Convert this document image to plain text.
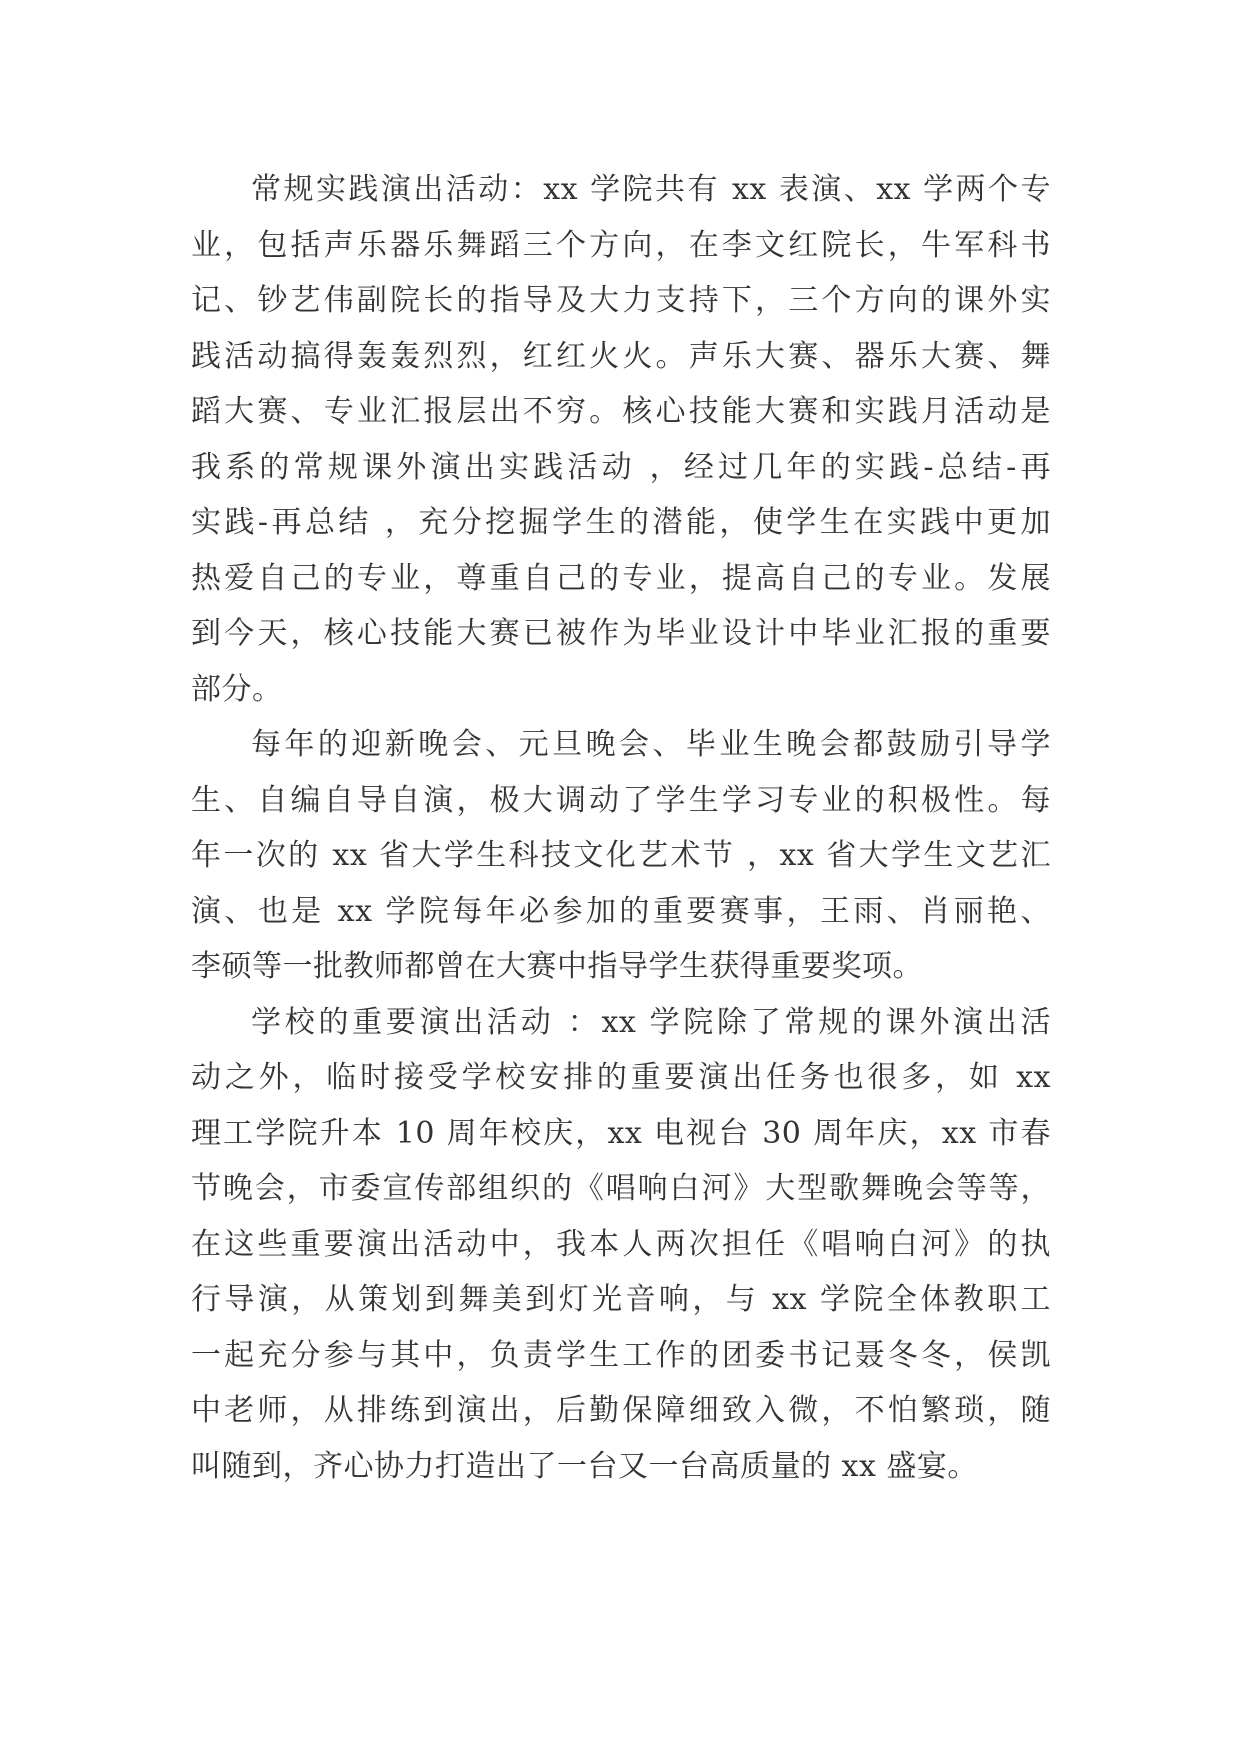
常规实践演出活动：xx 学院共有 xx 表演、xx 学两个专
业，包括声乐器乐舞蹈三个方向，在李文红院长，牛军科书
记、钞艺伟副院长的指导及大力支持下，三个方向的课外实
践活动搞得轰轰烈烈，红红火火。声乐大赛、器乐大赛、舞
蹈大赛、专业汇报层出不穷。核心技能大赛和实践月活动是
我系的常规课外演出实践活动 ，经过几年的实践-总结-再
实践-再总结 ，充分挖掘学生的潜能，使学生在实践中更加
热爱自己的专业，尊重自己的专业，提高自己的专业。发展
到今天，核心技能大赛已被作为毕业设计中毕业汇报的重要
部分。
每年的迎新晚会、元旦晚会、毕业生晚会都鼓励引导学
生、自编自导自演，极大调动了学生学习专业的积极性。每
年一次的 xx 省大学生科技文化艺术节 ，xx 省大学生文艺汇
演、也是 xx 学院每年必参加的重要赛事，王雨、肖丽艳、
李硕等一批教师都曾在大赛中指导学生获得重要奖项。
学校的重要演出活动 ：xx 学院除了常规的课外演出活
动之外，临时接受学校安排的重要演出任务也很多，如 xx
理工学院升本 10 周年校庆，xx 电视台 30 周年庆，xx 市春
节晚会，市委宣传部组织的《唱响白河》大型歌舞晚会等等，
在这些重要演出活动中，我本人两次担任《唱响白河》的执
行导演，从策划到舞美到灯光音响，与 xx 学院全体教职工
一起充分参与其中，负责学生工作的团委书记聂冬冬，侯凯
中老师，从排练到演出，后勤保障细致入微，不怕繁琐，随
叫随到，齐心协力打造出了一台又一台高质量的 xx 盛宴。
